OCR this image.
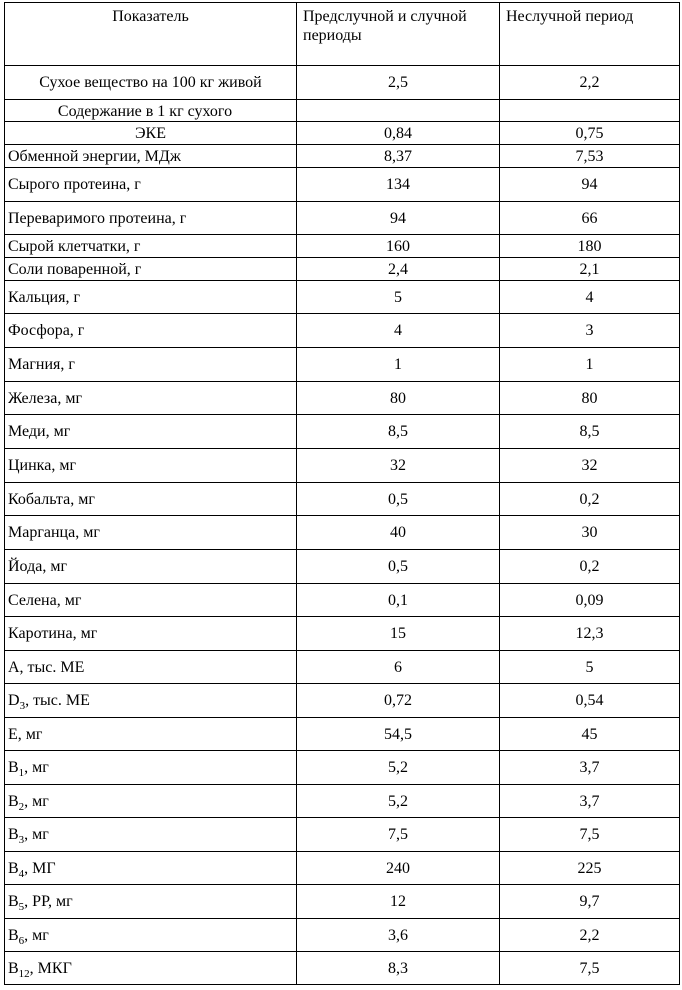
Показатель	Предслучной и случной периоды	Неслучной период
Сухое вещество на 100 кг живой	2,5	2,2
Содержание в 1 кг сухого		
ЭКЕ	0,84	0,75
Обменной энергии, МДж	8,37	7,53
Сырого протеина, г	134	94
Переваримого протеина, г	94	66
Сырой клетчатки, г	160	180
Соли поваренной, г	2,4	2,1
Кальция, г	5	4
Фосфора, г	4	3
Магния, г	1	1
Железа, мг	80	80
Меди, мг	8,5	8,5
Цинка, мг	32	32
Кобальта, мг	0,5	0,2
Марганца, мг	40	30
Йода, мг	0,5	0,2
Селена, мг	0,1	0,09
Каротина, мг	15	12,3
А, тыс. МЕ	6	5
$D_3$, тыс. МЕ	0,72	0,54
Е, мг	54,5	45
$В_1$, мг	5,2	3,7
$В_2$, мг	5,2	3,7
$В_3$, мг	7,5	7,5
$В_4$, МГ	240	225
$В_5$, РР, мг	12	9,7
$В_6$, мг	3,6	2,2
$В_{12}$, МКГ	8,3	7,5
